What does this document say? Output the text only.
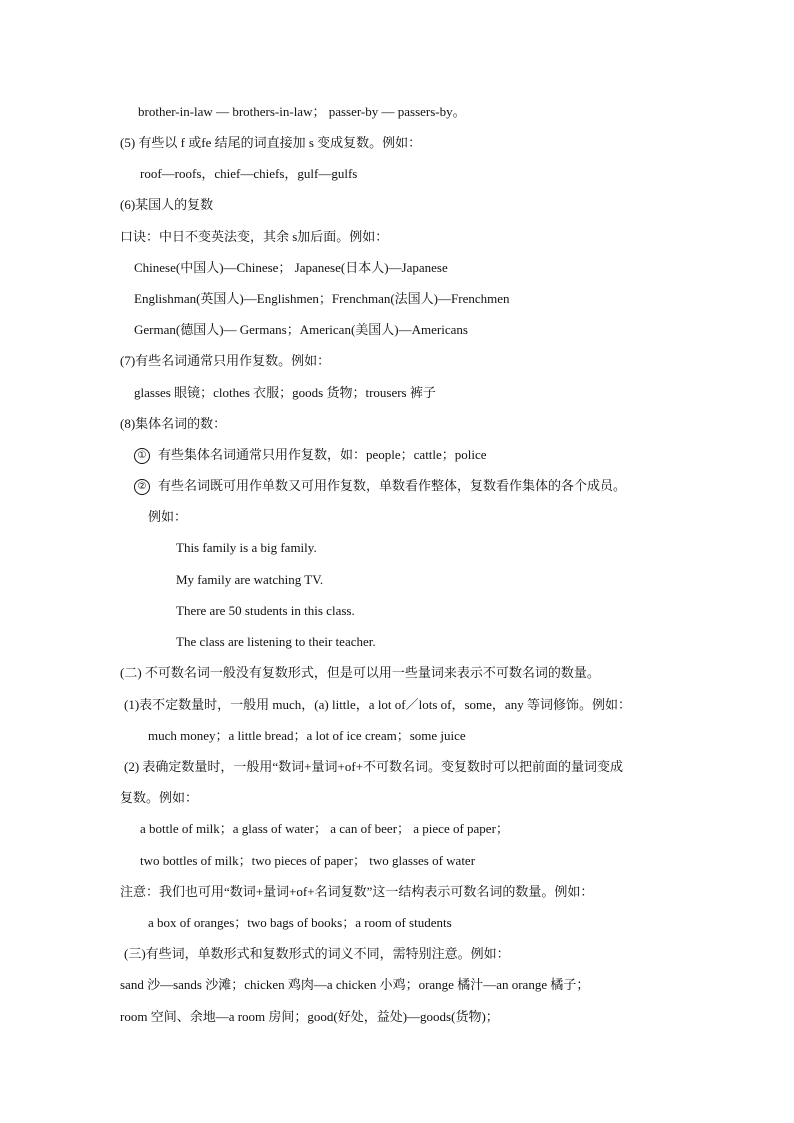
brother-in-law — brothers-in-law； passer-by — passers-by。
(5) 有些以 f 或fe 结尾的词直接加 s 变成复数。例如：
roof—roofs，chief—chiefs，gulf—gulfs
(6)某国人的复数
口诀：中日不变英法变，其余 s加后面。例如：
Chinese(中国人)—Chinese； Japanese(日本人)—Japanese
Englishman(英国人)—Englishmen；Frenchman(法国人)—Frenchmen
German(德国人)— Germans；American(美国人)—Americans
(7)有些名词通常只用作复数。例如：
glasses 眼镜；clothes 衣服；goods 货物；trousers 裤子
(8)集体名词的数：
① 有些集体名词通常只用作复数，如：people；cattle；police
② 有些名词既可用作单数又可用作复数，单数看作整体，复数看作集体的各个成员。
例如：
This family is a big family.
My family are watching TV.
There are 50 students in this class.
The class are listening to their teacher.
(二) 不可数名词一般没有复数形式，但是可以用一些量词来表示不可数名词的数量。
(1)表不定数量时，一般用 much，(a) little，a lot of／lots of，some，any 等词修饰。例如：
much money；a little bread；a lot of ice cream；some juice
(2) 表确定数量时，一般用“数词+量词+of+不可数名词。变复数时可以把前面的量词变成
复数。例如：
a bottle of milk；a glass of water； a can of beer； a piece of paper；
two bottles of milk；two pieces of paper； two glasses of water
注意：我们也可用“数词+量词+of+名词复数”这一结构表示可数名词的数量。例如：
a box of oranges；two bags of books；a room of students
(三)有些词，单数形式和复数形式的词义不同，需特别注意。例如：
sand 沙—sands 沙滩；chicken 鸡肉—a chicken 小鸡；orange 橘汁—an orange 橘子；
room 空间、余地—a room 房间；good(好处，益处)—goods(货物)；
